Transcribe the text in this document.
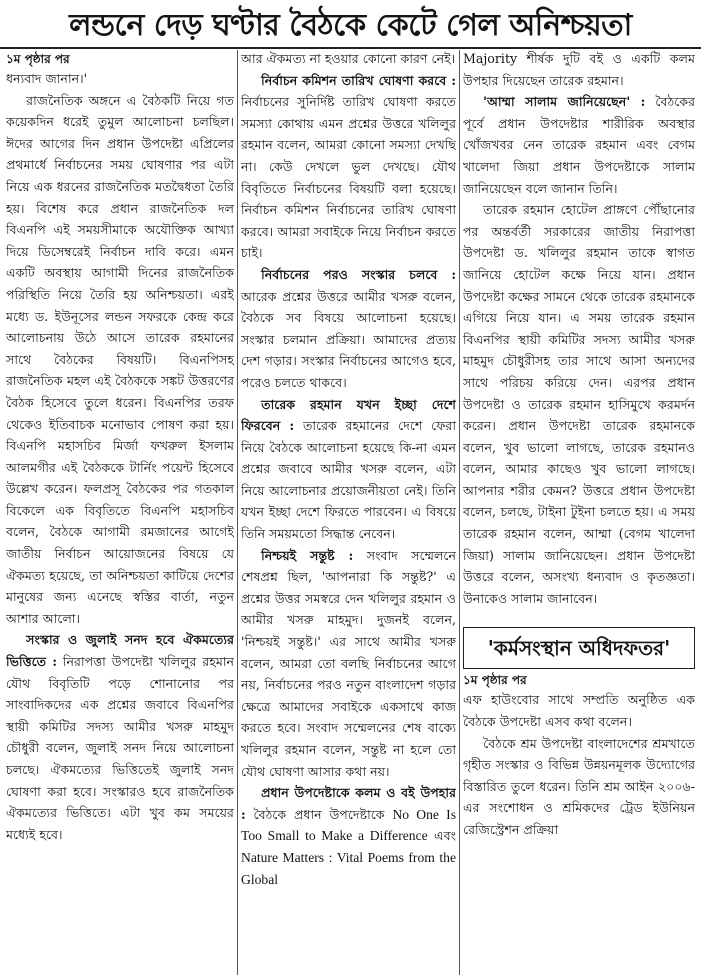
লন্ডনে দেড় ঘণ্টার বৈঠকে কেটে গেল অনিশ্চয়তা
১ম পৃষ্ঠার পর

ধন্যবাদ জানান।'

রাজনৈতিক অঙ্গনে এ বৈঠকটি নিয়ে গত কয়েকদিন ধরেই তুমুল আলোচনা চলছিল। ঈদের আগের দিন প্রধান উপদেষ্টা এপ্রিলের প্রথমার্ধে নির্বাচনের সময় ঘোষণার পর এটা নিয়ে এক ধরনের রাজনৈতিক মতদ্বৈধতা তৈরি হয়। বিশেষ করে প্রধান রাজনৈতিক দল বিএনপি এই সময়সীমাকে অযৌক্তিক আখ্যা দিয়ে ডিসেম্বরেই নির্বাচন দাবি করে। এমন একটি অবস্থায় আগামী দিনের রাজনৈতিক পরিস্থিতি নিয়ে তৈরি হয় অনিশ্চয়তা। এরই মধ্যে ড. ইউনূসের লন্ডন সফরকে কেন্দ্র করে আলোচনায় উঠে আসে তারেক রহমানের সাথে বৈঠকের বিষয়টি। বিএনপিসহ রাজনৈতিক মহল এই বৈঠককে সঙ্কট উত্তরণের বৈঠক হিসেবে তুলে ধরেন। বিএনপির তরফ থেকেও ইতিবাচক মনোভাব পোষণ করা হয়। বিএনপি মহাসচিব মির্জা ফখরুল ইসলাম আলমগীর এই বৈঠককে টার্নিং পয়েন্ট হিসেবে উল্লেখ করেন। ফলপ্রসূ বৈঠকের পর গতকাল বিকেলে এক বিবৃতিতে বিএনপি মহাসচিব বলেন, বৈঠকে আগামী রমজানের আগেই জাতীয় নির্বাচন আয়োজনের বিষয়ে যে ঐকমত্য হয়েছে, তা অনিশ্চয়তা কাটিয়ে দেশের মানুষের জন্য এনেছে স্বস্তির বার্তা, নতুন আশার আলো।

সংস্কার ও জুলাই সনদ হবে ঐকমত্যের ভিত্তিতে : নিরাপত্তা উপদেষ্টা খলিলুর রহমান যৌথ বিবৃতিটি পড়ে শোনানোর পর সাংবাদিকদের এক প্রশ্নের জবাবে বিএনপির স্থায়ী কমিটির সদস্য আমীর খসরু মাহমুদ চৌধুরী বলেন, জুলাই সনদ নিয়ে আলোচনা চলছে। ঐকমত্যের ভিত্তিতেই জুলাই সনদ ঘোষণা করা হবে। সংস্কারও হবে রাজনৈতিক ঐকমত্যের ভিত্তিতে। এটা খুব কম সময়ের মধ্যেই হবে।

আর ঐকমত্য না হওয়ার কোনো কারণ নেই।

নির্বাচন কমিশন তারিখ ঘোষণা করবে : নির্বাচনের সুনির্দিষ্ট তারিখ ঘোষণা করতে সমস্যা কোথায় এমন প্রশ্নের উত্তরে খলিলুর রহমান বলেন, আমরা কোনো সমস্যা দেখছি না। কেউ দেখলে ভুল দেখছে। যৌথ বিবৃতিতে নির্বাচনের বিষয়টি বলা হয়েছে। নির্বাচন কমিশন নির্বাচনের তারিখ ঘোষণা করবে। আমরা সবাইকে নিয়ে নির্বাচন করতে চাই।

নির্বাচনের পরও সংস্কার চলবে : আরেক প্রশ্নের উত্তরে আমীর খসরু বলেন, বৈঠকে সব বিষয়ে আলোচনা হয়েছে। সংস্কার চলমান প্রক্রিয়া। আমাদের প্রত্যয় দেশ গড়ার। সংস্কার নির্বাচনের আগেও হবে, পরেও চলতে থাকবে।

তারেক রহমান যখন ইচ্ছা দেশে ফিরবেন : তারেক রহমানের দেশে ফেরা নিয়ে বৈঠকে আলোচনা হয়েছে কি-না এমন প্রশ্নের জবাবে আমীর খসরু বলেন, এটা নিয়ে আলোচনার প্রয়োজনীয়তা নেই। তিনি যখন ইচ্ছা দেশে ফিরতে পারবেন। এ বিষয়ে তিনি সময়মতো সিদ্ধান্ত নেবেন।

নিশ্চয়ই সন্তুষ্ট : সংবাদ সম্মেলনে শেষপ্রশ্ন ছিল, 'আপনারা কি সন্তুষ্ট?' এ প্রশ্নের উত্তর সমস্বরে দেন খলিলুর রহমান ও আমীর খসরু মাহমুদ। দুজনই বলেন, 'নিশ্চয়ই সন্তুষ্ট।' এর সাথে আমীর খসরু বলেন, আমরা তো বলছি নির্বাচনের আগে নয়, নির্বাচনের পরও নতুন বাংলাদেশ গড়ার ক্ষেত্রে আমাদের সবাইকে একসাথে কাজ করতে হবে। সংবাদ সম্মেলনের শেষ বাক্যে খলিলুর রহমান বলেন, সন্তুষ্ট না হলে তো যৌথ ঘোষণা আসার কথা নয়।

প্রধান উপদেষ্টাকে কলম ও বই উপহার : বৈঠকে প্রধান উপদেষ্টাকে No One Is Too Small to Make a Difference এবং Nature Matters : Vital Poems from the Global

Majority শীর্ষক দুটি বই ও একটি কলম উপহার দিয়েছেন তারেক রহমান।

'আম্মা সালাম জানিয়েছেন' : বৈঠকের পূর্বে প্রধান উপদেষ্টার শারীরিক অবস্থার খোঁজখবর নেন তারেক রহমান এবং বেগম খালেদা জিয়া প্রধান উপদেষ্টাকে সালাম জানিয়েছেন বলে জানান তিনি।

তারেক রহমান হোটেল প্রাঙ্গণে পৌঁছানোর পর অন্তর্বর্তী সরকারের জাতীয় নিরাপত্তা উপদেষ্টা ড. খলিলুর রহমান তাকে স্বাগত জানিয়ে হোটেল কক্ষে নিয়ে যান। প্রধান উপদেষ্টা কক্ষের সামনে থেকে তারেক রহমানকে এগিয়ে নিয়ে যান। এ সময় তারেক রহমান বিএনপির স্থায়ী কমিটির সদস্য আমীর খসরু মাহমুদ চৌধুরীসহ তার সাথে আসা অন্যদের সাথে পরিচয় করিয়ে দেন। এরপর প্রধান উপদেষ্টা ও তারেক রহমান হাসিমুখে করমর্দন করেন। প্রধান উপদেষ্টা তারেক রহমানকে বলেন, খুব ভালো লাগছে, তারেক রহমানও বলেন, আমার কাছেও খুব ভালো লাগছে। আপনার শরীর কেমন? উত্তরে প্রধান উপদেষ্টা বলেন, চলছে, টাইনা টুইনা চলতে হয়। এ সময় তারেক রহমান বলেন, আম্মা (বেগম খালেদা জিয়া) সালাম জানিয়েছেন। প্রধান উপদেষ্টা উত্তরে বলেন, অসংখ্য ধন্যবাদ ও কৃতজ্ঞতা। উনাকেও সালাম জানাবেন।

'কর্মসংস্থান অধিদফতর'
১ম পৃষ্ঠার পর

এফ হাউংবোর সাথে সম্প্রতি অনুষ্ঠিত এক বৈঠকে উপদেষ্টা এসব কথা বলেন।

বৈঠকে শ্রম উপদেষ্টা বাংলাদেশের শ্রমখাতে গৃহীত সংস্কার ও বিভিন্ন উন্নয়নমূলক উদ্যোগের বিস্তারিত তুলে ধরেন। তিনি শ্রম আইন ২০০৬-এর সংশোধন ও শ্রমিকদের ট্রেড ইউনিয়ন রেজিস্ট্রেশন প্রক্রিয়া
